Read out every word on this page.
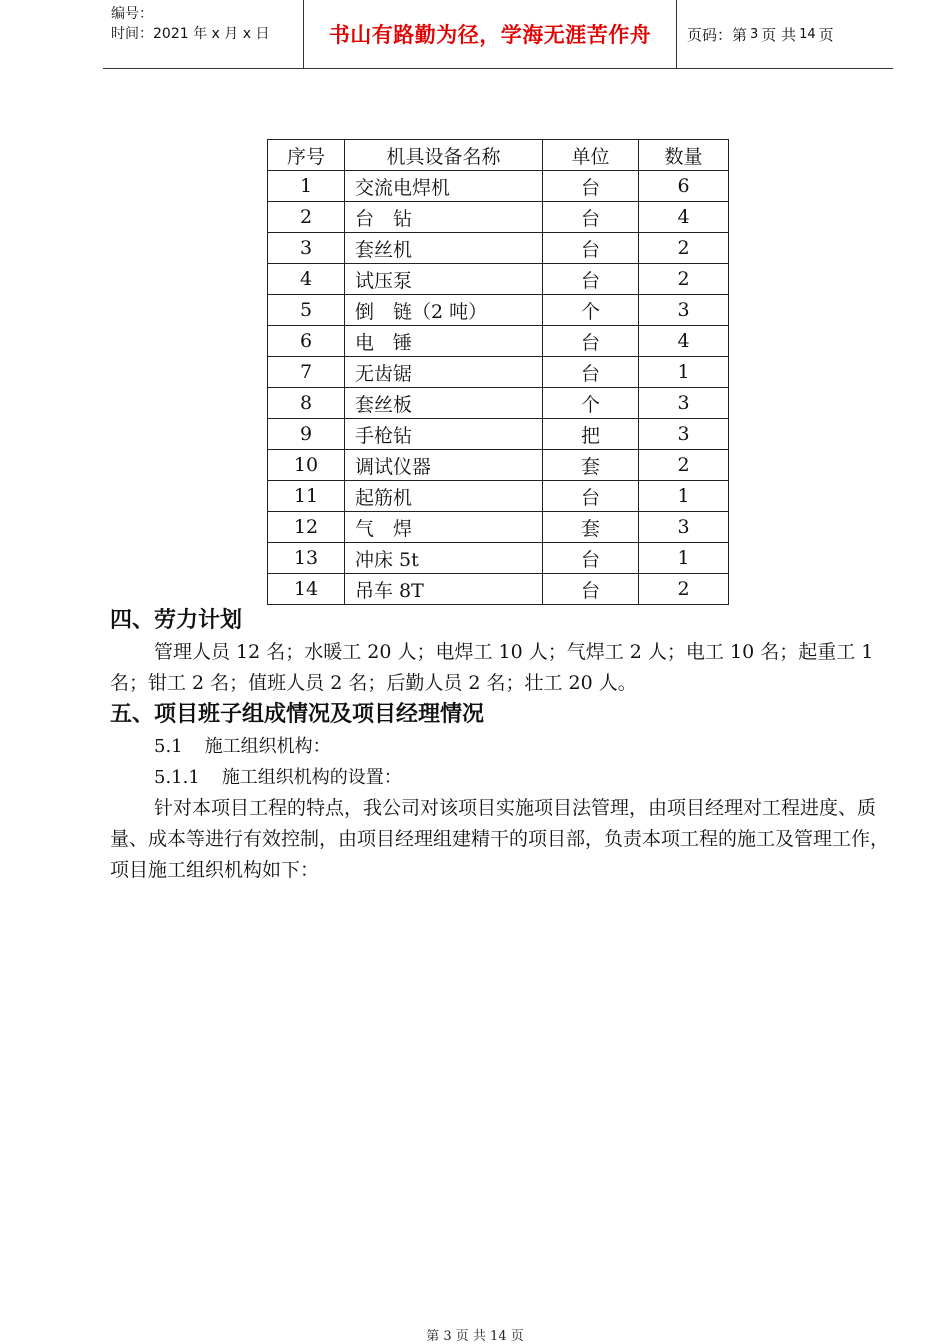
编号：
时间：2021 年 x 月 x 日	书山有路勤为径，学海无涯苦作舟	页码：第 3 页 共 14 页
序号	机具设备名称	单位	数量
1	交流电焊机	台	6
2	台　钻	台	4
3	套丝机	台	2
4	试压泵	台	2
5	倒　链（2 吨）	个	3
6	电　锤	台	4
7	无齿锯	台	1
8	套丝板	个	3
9	手枪钻	把	3
10	调试仪器	套	2
11	起筋机	台	1
12	气　焊	套	3
13	冲床 5t	台	1
14	吊车 8T	台	2

四、劳力计划

管理人员 12 名；水暖工 20 人；电焊工 10 人；气焊工 2 人；电工 10 名；起重工 1 名；钳工 2 名；值班人员 2 名；后勤人员 2 名；壮工 20 人。

五、项目班子组成情况及项目经理情况

5.1 施工组织机构：

5.1.1 施工组织机构的设置：

针对本项目工程的特点，我公司对该项目实施项目法管理，由项目经理对工程进度、质量、成本等进行有效控制，由项目经理组建精干的项目部，负责本项工程的施工及管理工作，项目施工组织机构如下：

第 3 页 共 14 页
